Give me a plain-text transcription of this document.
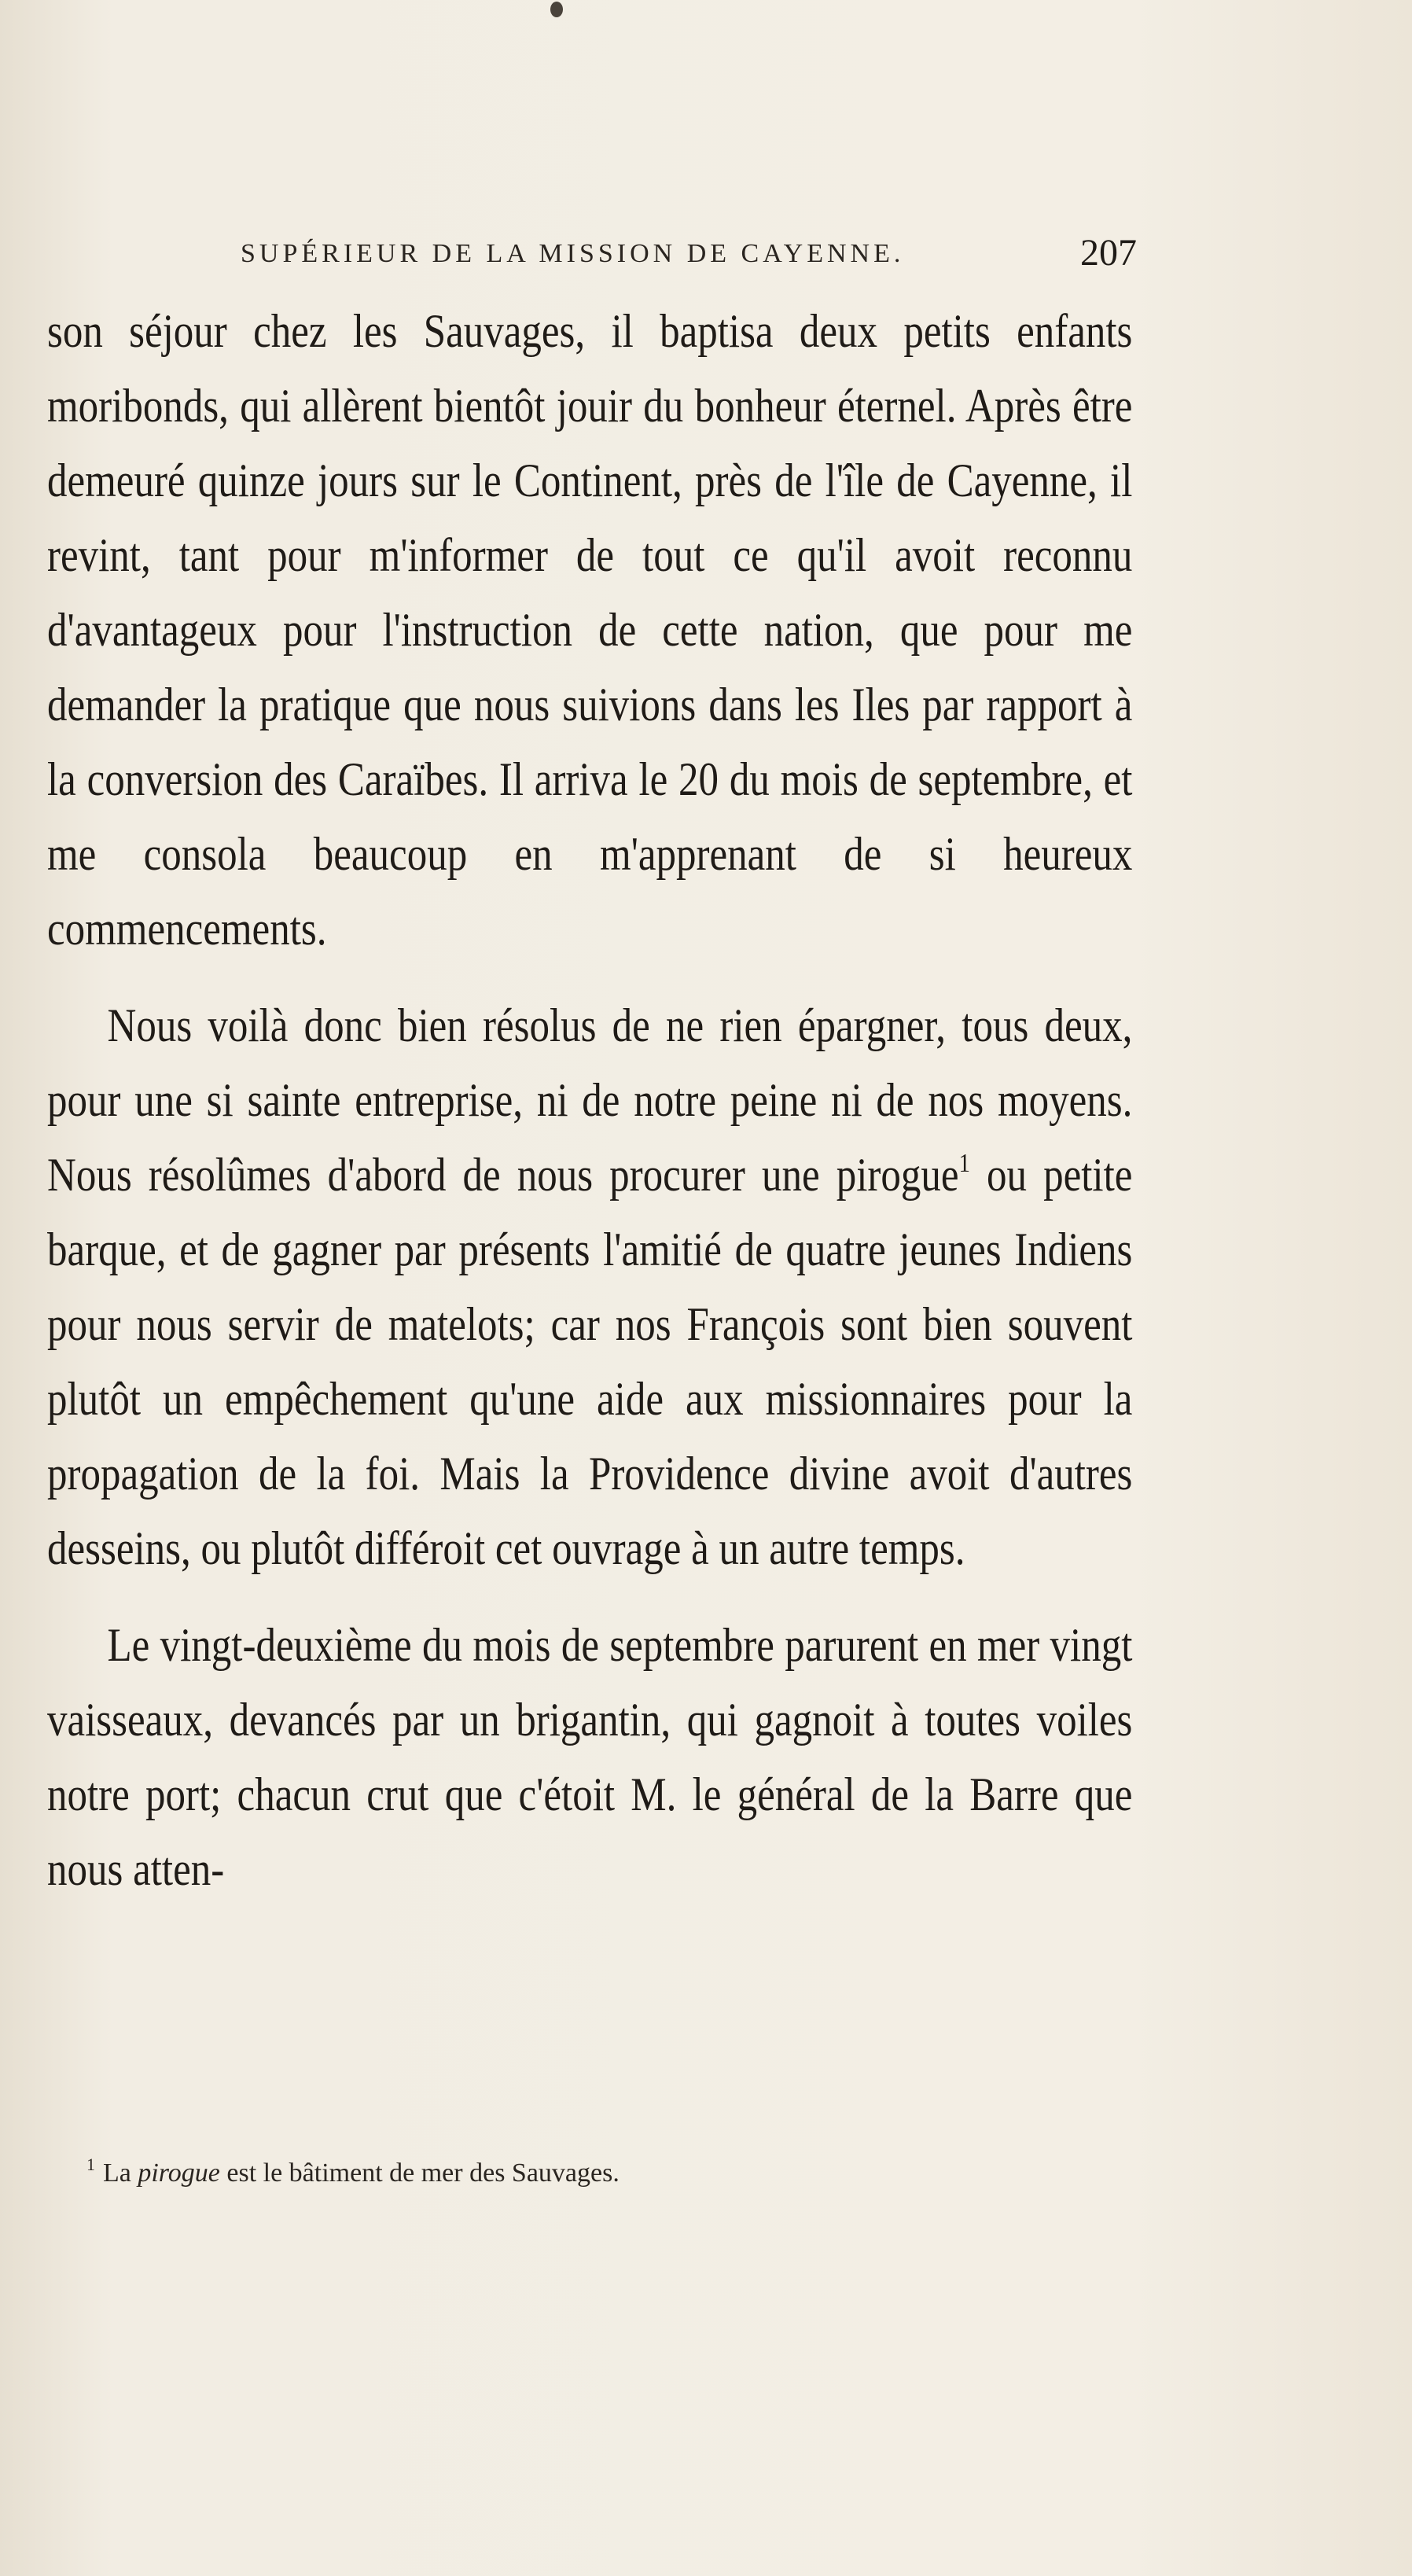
SUPÉRIEUR DE LA MISSION DE CAYENNE.	207

son séjour chez les Sauvages, il baptisa deux petits enfants moribonds, qui allèrent bientôt jouir du bonheur éternel. Après être demeuré quinze jours sur le Continent, près de l'île de Cayenne, il revint, tant pour m'informer de tout ce qu'il avoit reconnu d'avantageux pour l'instruction de cette nation, que pour me demander la pratique que nous suivions dans les Iles par rapport à la conversion des Caraïbes. Il arriva le 20 du mois de septembre, et me consola beaucoup en m'apprenant de si heureux commencements.

Nous voilà donc bien résolus de ne rien épargner, tous deux, pour une si sainte entreprise, ni de notre peine ni de nos moyens. Nous résolûmes d'abord de nous procurer une pirogue$^1$ ou petite barque, et de gagner par présents l'amitié de quatre jeunes Indiens pour nous servir de matelots; car nos François sont bien souvent plutôt un empêchement qu'une aide aux missionnaires pour la propagation de la foi. Mais la Providence divine avoit d'autres desseins, ou plutôt différoit cet ouvrage à un autre temps.

Le vingt-deuxième du mois de septembre parurent en mer vingt vaisseaux, devancés par un brigantin, qui gagnoit à toutes voiles notre port; chacun crut que c'étoit M. le général de la Barre que nous atten-

$^1$ La pirogue est le bâtiment de mer des Sauvages.
